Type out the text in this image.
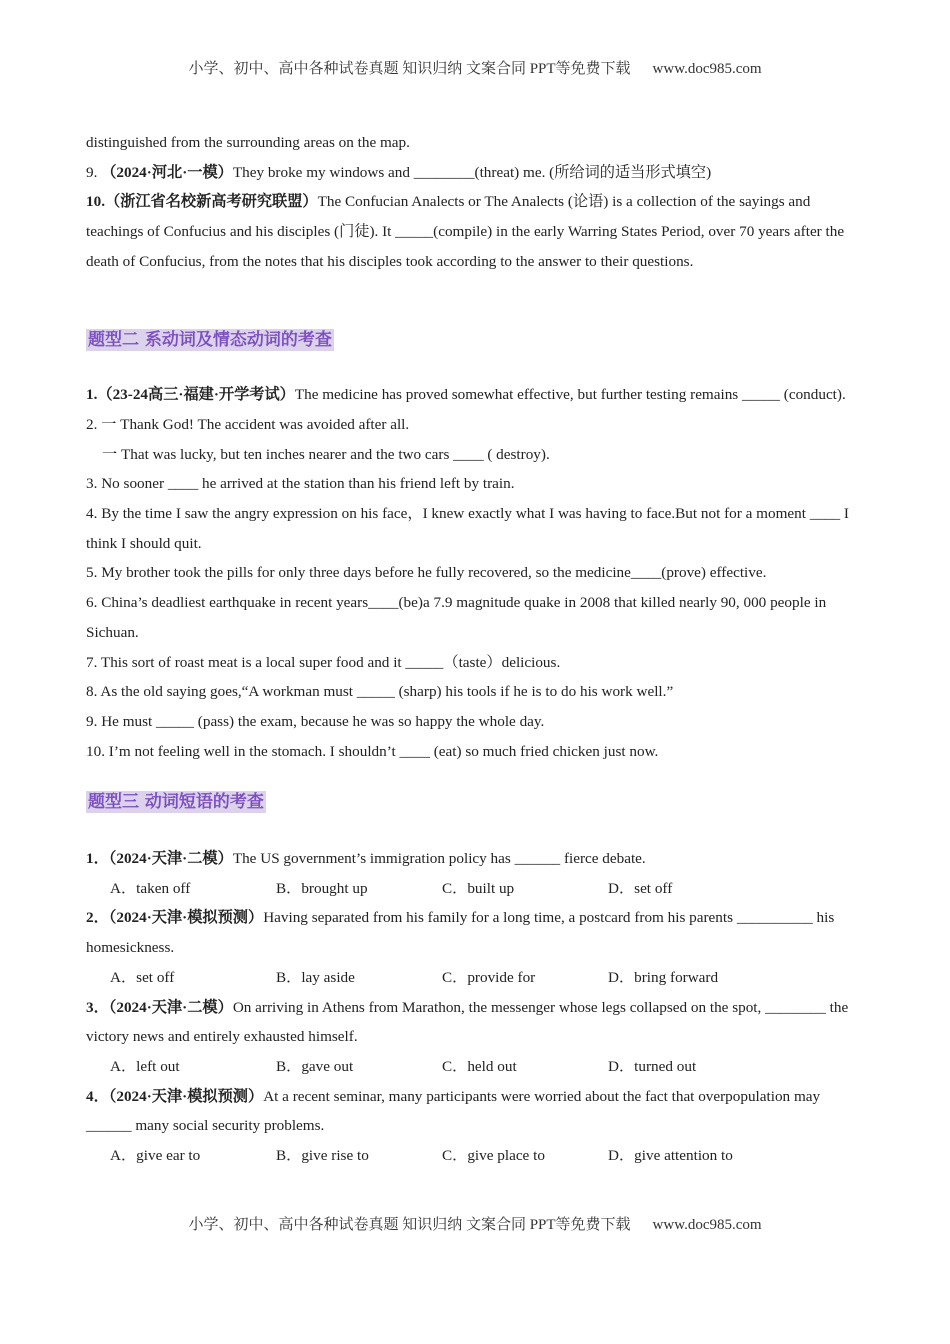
小学、初中、高中各种试卷真题 知识归纳 文案合同 PPT等免费下载 www.doc985.com

distinguished from the surrounding areas on the map.

9. （2024·河北·一模）They broke my windows and ________(threat) me. (所给词的适当形式填空)

10.（浙江省名校新高考研究联盟）The Confucian Analects or The Analects (论语) is a collection of the sayings and teachings of Confucius and his disciples (门徒). It _____(compile) in the early Warring States Period, over 70 years after the death of Confucius, from the notes that his disciples took according to the answer to their questions.

题型二 系动词及情态动词的考查

1.（23-24高三·福建·开学考试）The medicine has proved somewhat effective, but further testing remains _____ (conduct).

2. 一 Thank God! The accident was avoided after all.

一 That was lucky, but ten inches nearer and the two cars ____ ( destroy).

3. No sooner ____ he arrived at the station than his friend left by train.

4. By the time I saw the angry expression on his face，I knew exactly what I was having to face.But not for a moment ____ I think I should quit.

5. My brother took the pills for only three days before he fully recovered, so the medicine____(prove) effective.

6. China’s deadliest earthquake in recent years____(be)a 7.9 magnitude quake in 2008 that killed nearly 90, 000 people in Sichuan.

7. This sort of roast meat is a local super food and it _____（taste）delicious.

8. As the old saying goes,“A workman must _____ (sharp) his tools if he is to do his work well.”

9. He must _____ (pass) the exam, because he was so happy the whole day.

10. I’m not feeling well in the stomach. I shouldn’t ____ (eat) so much fried chicken just now.

题型三 动词短语的考查

1．（2024·天津·二模）The US government’s immigration policy has ______ fierce debate.

A．taken off	B．brought up	C．built up	D．set off

2．（2024·天津·模拟预测）Having separated from his family for a long time, a postcard from his parents __________ his homesickness.

A．set off	B．lay aside	C．provide for	D．bring forward

3．（2024·天津·二模）On arriving in Athens from Marathon, the messenger whose legs collapsed on the spot, ________ the victory news and entirely exhausted himself.

A．left out	B．gave out	C．held out	D．turned out

4．（2024·天津·模拟预测）At a recent seminar, many participants were worried about the fact that overpopulation may ______ many social security problems.

A．give ear to	B．give rise to	C．give place to	D．give attention to

小学、初中、高中各种试卷真题 知识归纳 文案合同 PPT等免费下载 www.doc985.com
